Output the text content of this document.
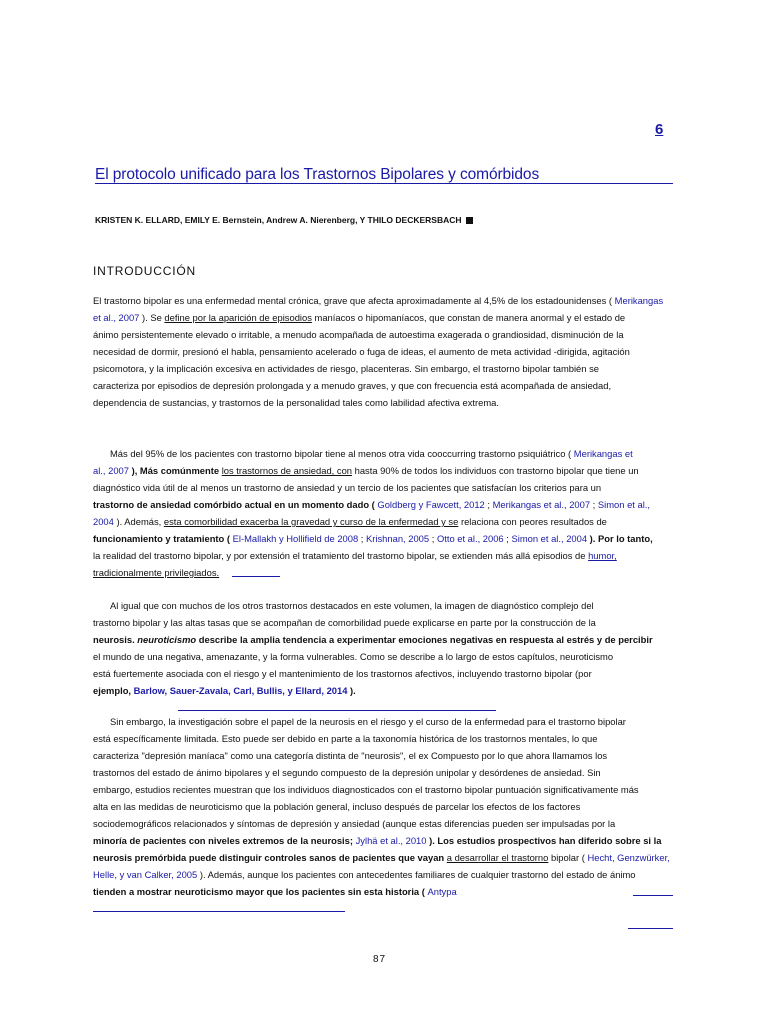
6
El protocolo unificado para los Trastornos Bipolares y comórbidos
KRISTEN K. ELLARD, EMILY E. Bernstein, Andrew A. Nierenberg, Y THILO DECKERSBACH
INTRODUCCIÓN
El trastorno bipolar es una enfermedad mental crónica, grave que afecta aproximadamente al 4,5% de los estadounidenses ( Merikangas
et al., 2007 ). Se define por la aparición de episodios maníacos o hipomaníacos, que constan de manera anormal y el estado de
ánimo persistentemente elevado o irritable, a menudo acompañada de autoestima exagerada o grandiosidad, disminución de la
necesidad de dormir, presionó el habla, pensamiento acelerado o fuga de ideas, el aumento de meta actividad -dirigida, agitación
psicomotora, y la implicación excesiva en actividades de riesgo, placenteras. Sin embargo, el trastorno bipolar también se
caracteriza por episodios de depresión prolongada y a menudo graves, y que con frecuencia está acompañada de ansiedad,
dependencia de sustancias, y trastornos de la personalidad tales como labilidad afectiva extrema.
Más del 95% de los pacientes con trastorno bipolar tiene al menos otra vida cooccurring trastorno psiquiátrico ( Merikangas et
al., 2007 ), Más comúnmente los trastornos de ansiedad, con hasta 90% de todos los individuos con trastorno bipolar que tiene un
diagnóstico vida útil de al menos un trastorno de ansiedad y un tercio de los pacientes que satisfacían los criterios para un
trastorno de ansiedad comórbido actual en un momento dado ( Goldberg y Fawcett, 2012 ; Merikangas et al., 2007 ; Simon et al.,
2004 ). Además, esta comorbilidad exacerba la gravedad y curso de la enfermedad y se relaciona con peores resultados de
funcionamiento y tratamiento ( El-Mallakh y Hollifield de 2008 ; Krishnan, 2005 ; Otto et al., 2006 ; Simon et al., 2004 ). Por lo tanto,
la realidad del trastorno bipolar, y por extensión el tratamiento del trastorno bipolar, se extienden más allá episodios de humor,
tradicionalmente privilegiados.
Al igual que con muchos de los otros trastornos destacados en este volumen, la imagen de diagnóstico complejo del
trastorno bipolar y las altas tasas que se acompañan de comorbilidad puede explicarse en parte por la construcción de la
neurosis. neuroticismo describe la amplia tendencia a experimentar emociones negativas en respuesta al estrés y de percibir
el mundo de una negativa, amenazante, y la forma vulnerables. Como se describe a lo largo de estos capítulos, neuroticismo
está fuertemente asociada con el riesgo y el mantenimiento de los trastornos afectivos, incluyendo trastorno bipolar (por
ejemplo, Barlow, Sauer-Zavala, Carl, Bullis, y Ellard, 2014 ).
Sin embargo, la investigación sobre el papel de la neurosis en el riesgo y el curso de la enfermedad para el trastorno bipolar
está específicamente limitada. Esto puede ser debido en parte a la taxonomía histórica de los trastornos mentales, lo que
caracteriza "depresión maníaca" como una categoría distinta de "neurosis", el ex Compuesto por lo que ahora llamamos los
trastornos del estado de ánimo bipolares y el segundo compuesto de la depresión unipolar y desórdenes de ansiedad. Sin
embargo, estudios recientes muestran que los individuos diagnosticados con el trastorno bipolar puntuación significativamente más
alta en las medidas de neuroticismo que la población general, incluso después de parcelar los efectos de los factores
sociodemográficos relacionados y síntomas de depresión y ansiedad (aunque estas diferencias pueden ser impulsadas por la
minoría de pacientes con niveles extremos de la neurosis; Jylhä et al., 2010 ). Los estudios prospectivos han diferido sobre si la
neurosis premórbida puede distinguir controles sanos de pacientes que vayan a desarrollar el trastorno bipolar ( Hecht, Genzwürker,
Helle, y van Calker, 2005 ). Además, aunque los pacientes con antecedentes familiares de cualquier trastorno del estado de ánimo
tienden a mostrar neuroticismo mayor que los pacientes sin esta historia ( Antypa
87
